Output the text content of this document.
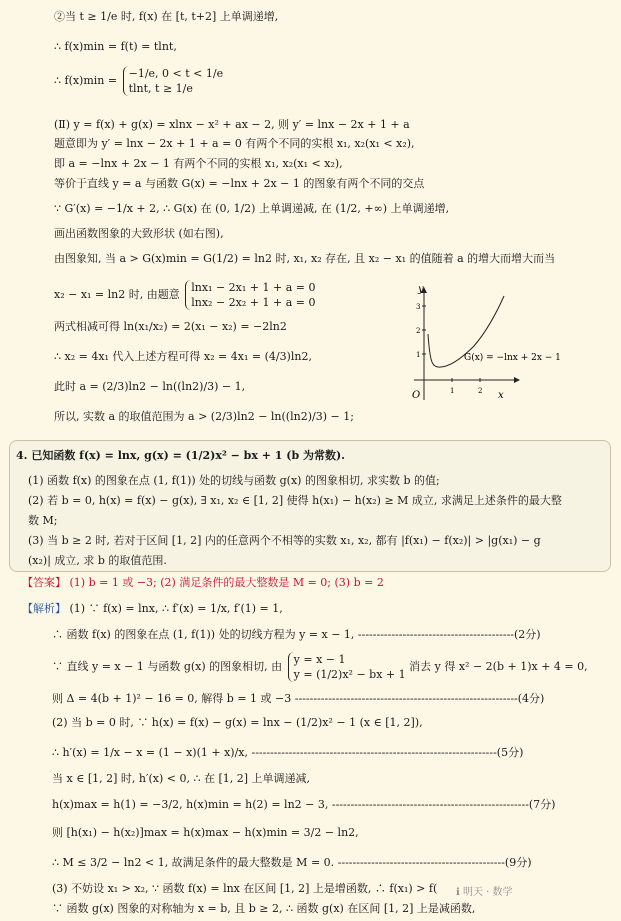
②当 t ≥ 1/e 时, f(x) 在 [t, t+2] 上单调递增,
∴ f(x)min = f(t) = tlnt,
∴ f(x)min =
−1/e, 0 < t < 1/e
tlnt, t ≥ 1/e
(Ⅱ) y = f(x) + g(x) = xlnx − x² + ax − 2, 则 y′ = lnx − 2x + 1 + a
题意即为 y′ = lnx − 2x + 1 + a = 0 有两个不同的实根 x₁, x₂(x₁ < x₂),
即 a = −lnx + 2x − 1 有两个不同的实根 x₁, x₂(x₁ < x₂),
等价于直线 y = a 与函数 G(x) = −lnx + 2x − 1 的图象有两个不同的交点
∵ G′(x) = −1/x + 2, ∴ G(x) 在 (0, 1/2) 上单调递减, 在 (1/2, +∞) 上单调递增,
画出函数图象的大致形状 (如右图),
由图象知, 当 a > G(x)min = G(1/2) = ln2 时, x₁, x₂ 存在, 且 x₂ − x₁ 的值随着 a 的增大而增大而当
x₂ − x₁ = ln2 时, 由题意
lnx₁ − 2x₁ + 1 + a = 0
lnx₂ − 2x₂ + 1 + a = 0
两式相减可得 ln(x₁/x₂) = 2(x₁ − x₂) = −2ln2
∴ x₂ = 4x₁ 代入上述方程可得 x₂ = 4x₁ = (4/3)ln2,
此时 a = (2/3)ln2 − ln((ln2)/3) − 1,
所以, 实数 a 的取值范围为 a > (2/3)ln2 − ln((ln2)/3) − 1;
y
x
O	1	2
1
2
3
G(x) = −lnx + 2x − 1
4. 已知函数 f(x) = lnx, g(x) = (1/2)x² − bx + 1 (b 为常数).
(1) 函数 f(x) 的图象在点 (1, f(1)) 处的切线与函数 g(x) 的图象相切, 求实数 b 的值;
(2) 若 b = 0, h(x) = f(x) − g(x), ∃ x₁, x₂ ∈ [1, 2] 使得 h(x₁) − h(x₂) ≥ M 成立, 求满足上述条件的最大整
数 M;
(3) 当 b ≥ 2 时, 若对于区间 [1, 2] 内的任意两个不相等的实数 x₁, x₂, 都有 |f(x₁) − f(x₂)| > |g(x₁) − g
(x₂)| 成立, 求 b 的取值范围.
【答案】 (1) b = 1 或 −3; (2) 满足条件的最大整数是 M = 0; (3) b = 2
【解析】 (1) ∵ f(x) = lnx, ∴ f′(x) = 1/x, f′(1) = 1,
∴ 函数 f(x) 的图象在点 (1, f(1)) 处的切线方程为 y = x − 1, ------------------------------------------(2分)
∵ 直线 y = x − 1 与函数 g(x) 的图象相切, 由
y = x − 1
y = (1/2)x² − bx + 1
消去 y 得 x² − 2(b + 1)x + 4 = 0,
则 Δ = 4(b + 1)² − 16 = 0, 解得 b = 1 或 −3 ------------------------------------------------------------(4分)
(2) 当 b = 0 时, ∵ h(x) = f(x) − g(x) = lnx − (1/2)x² − 1 (x ∈ [1, 2]),
∴ h′(x) = 1/x − x = (1 − x)(1 + x)/x, ------------------------------------------------------------------(5分)
当 x ∈ [1, 2] 时, h′(x) < 0, ∴ 在 [1, 2] 上单调递减,
h(x)max = h(1) = −3/2, h(x)min = h(2) = ln2 − 3, -----------------------------------------------------(7分)
则 [h(x₁) − h(x₂)]max = h(x)max − h(x)min = 3/2 − ln2,
∴ M ≤ 3/2 − ln2 < 1, 故满足条件的最大整数是 M = 0. ---------------------------------------------(9分)
(3) 不妨设 x₁ > x₂, ∵ 函数 f(x) = lnx 在区间 [1, 2] 上是增函数, ∴ f(x₁) > f(
∵ 函数 g(x) 图象的对称轴为 x = b, 且 b ≥ 2, ∴ 函数 g(x) 在区间 [1, 2] 上是减函数,
ℹ 明天 · 数学
